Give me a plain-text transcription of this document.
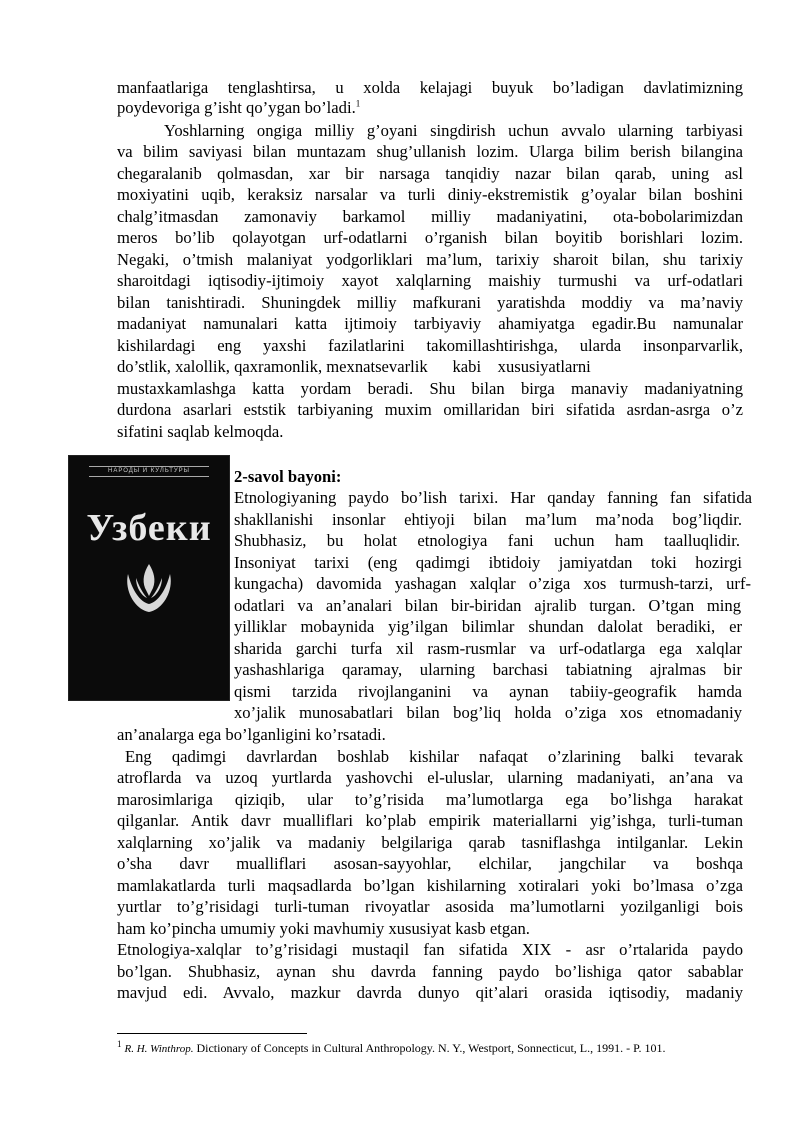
manfaatlariga tenglashtirsa, u xolda kelajagi buyuk bo’ladigan davlatimizning
poydevoriga g’isht qo’ygan bo’ladi.$^1$
Yoshlarning ongiga milliy g’oyani singdirish uchun avvalo ularning tarbiyasi
va bilim saviyasi bilan muntazam shug’ullanish lozim. Ularga bilim berish bilangina
chegaralanib qolmasdan, xar bir narsaga tanqidiy nazar bilan qarab, uning asl
moxiyatini uqib, keraksiz narsalar va turli diniy-ekstremistik g’oyalar bilan boshini
chalg’itmasdan zamonaviy barkamol milliy madaniyatini, ota-bobolarimizdan
meros bo’lib qolayotgan urf-odatlarni o’rganish bilan boyitib borishlari lozim.
Negaki, o’tmish malaniyat yodgorliklari ma’lum, tarixiy sharoit bilan, shu tarixiy
sharoitdagi iqtisodiy-ijtimoiy xayot xalqlarning maishiy turmushi va urf-odatlari
bilan tanishtiradi. Shuningdek milliy mafkurani yaratishda moddiy va ma’naviy
madaniyat namunalari katta ijtimoiy tarbiyaviy ahamiyatga egadir.Bu namunalar
kishilardagi eng yaxshi fazilatlarini takomillashtirishga, ularda insonparvarlik,
do’stlik, xalollik, qaxramonlik, mexnatsevarlik      kabi    xususiyatlarni
mustaxkamlashga katta yordam beradi. Shu bilan birga manaviy madaniyatning
durdona asarlari eststik tarbiyaning muxim omillaridan biri sifatida asrdan-asrga o’z
sifatini saqlab kelmoqda.
2-savol bayoni:
Etnologiyaning paydo bo’lish tarixi. Har qanday fanning fan sifatida
shakllanishi insonlar ehtiyoji bilan ma’lum ma’noda bog’liqdir.
Shubhasiz, bu holat etnologiya fani uchun ham taalluqlidir.
Insoniyat tarixi (eng qadimgi ibtidoiy jamiyatdan toki hozirgi
kungacha) davomida yashagan xalqlar o’ziga xos turmush-tarzi, urf-
odatlari va an’analari bilan bir-biridan ajralib turgan. O’tgan ming
yilliklar mobaynida yig’ilgan bilimlar shundan dalolat beradiki, er
sharida garchi turfa xil rasm-rusmlar va urf-odatlarga ega xalqlar
yashashlariga qaramay, ularning barchasi tabiatning ajralmas bir
qismi tarzida rivojlanganini va aynan tabiiy-geografik hamda
xo’jalik munosabatlari bilan bog’liq holda o’ziga xos etnomadaniy
an’analarga ega bo’lganligini ko’rsatadi.
Eng qadimgi davrlardan boshlab kishilar nafaqat o’zlarining balki tevarak
atroflarda va uzoq yurtlarda yashovchi el-uluslar, ularning madaniyati, an’ana va
marosimlariga qiziqib, ular to’g’risida ma’lumotlarga ega bo’lishga harakat
qilganlar. Antik davr mualliflari ko’plab empirik materiallarni yig’ishga, turli-tuman
xalqlarning xo’jalik va madaniy belgilariga qarab tasniflashga intilganlar. Lekin
o’sha davr mualliflari asosan-sayyohlar, elchilar, jangchilar va boshqa
mamlakatlarda turli maqsadlarda bo’lgan kishilarning xotiralari yoki bo’lmasa o’zga
yurtlar to’g’risidagi turli-tuman rivoyatlar asosida ma’lumotlarni yozilganligi bois
ham ko’pincha umumiy yoki mavhumiy xususiyat kasb etgan.
Etnologiya-xalqlar to’g’risidagi mustaqil fan sifatida XIX - asr o’rtalarida paydo
bo’lgan. Shubhasiz, aynan shu davrda fanning paydo bo’lishiga qator sabablar
mavjud edi. Avvalo, mazkur davrda dunyo qit’alari orasida iqtisodiy, madaniy
НАРОДЫ И КУЛЬТУРЫ
Узбеки
$^1$ R. H. Winthrop. Dictionary of Concepts in Cultural Anthropology. N. Y., Westport, Sonnecticut, L., 1991. - P. 101.
